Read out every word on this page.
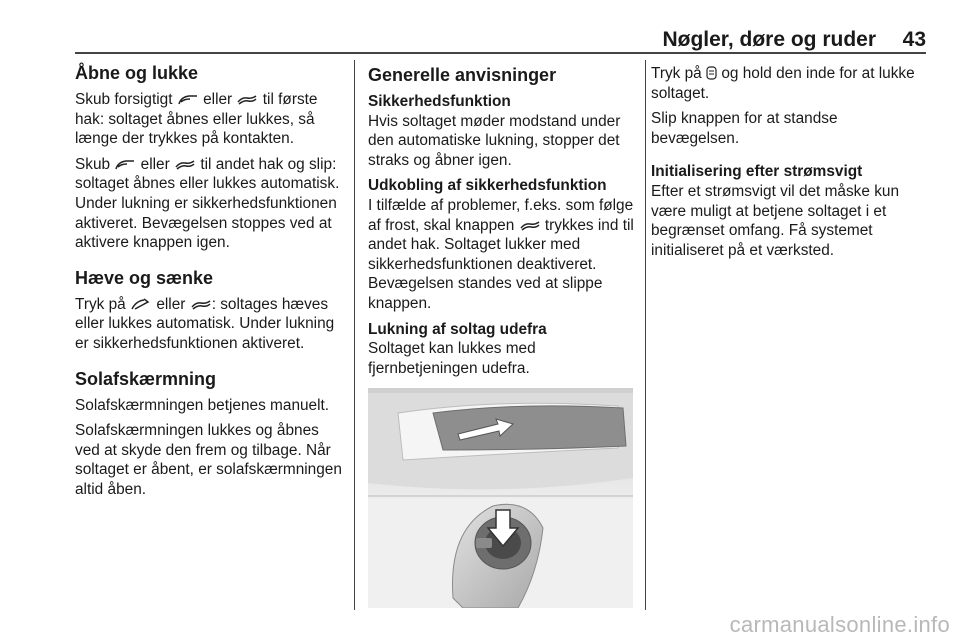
Nøgler, døre og ruder 43
Åbne og lukke

Skub forsigtigt eller til første hak: soltaget åbnes eller lukkes, så længe der trykkes på kontakten.

Skub eller til andet hak og slip: soltaget åbnes eller lukkes automatisk. Under lukning er sikkerhedsfunktionen aktiveret. Bevægelsen stoppes ved at aktivere knappen igen.

Hæve og sænke

Tryk på eller : soltages hæves eller lukkes automatisk. Under lukning er sikkerhedsfunktionen aktiveret.

Solafskærmning

Solafskærmningen betjenes manuelt.

Solafskærmningen lukkes og åbnes ved at skyde den frem og tilbage. Når soltaget er åbent, er solafskærmningen altid åben.

Generelle anvisninger
Sikkerhedsfunktion

Hvis soltaget møder modstand under den automatiske lukning, stopper det straks og åbner igen.

Udkobling af sikkerhedsfunktion

I tilfælde af problemer, f.eks. som følge af frost, skal knappen trykkes ind til andet hak. Soltaget lukker med sikkerhedsfunktionen deaktiveret. Bevægelsen standes ved at slippe knappen.

Lukning af soltag udefra

Soltaget kan lukkes med fjernbetjeningen udefra.

Tryk på og hold den inde for at lukke soltaget.

Slip knappen for at standse bevægelsen.

Initialisering efter strømsvigt

Efter et strømsvigt vil det måske kun være muligt at betjene soltaget i et begrænset omfang. Få systemet initialiseret på et værksted.

carmanualsonline.info
